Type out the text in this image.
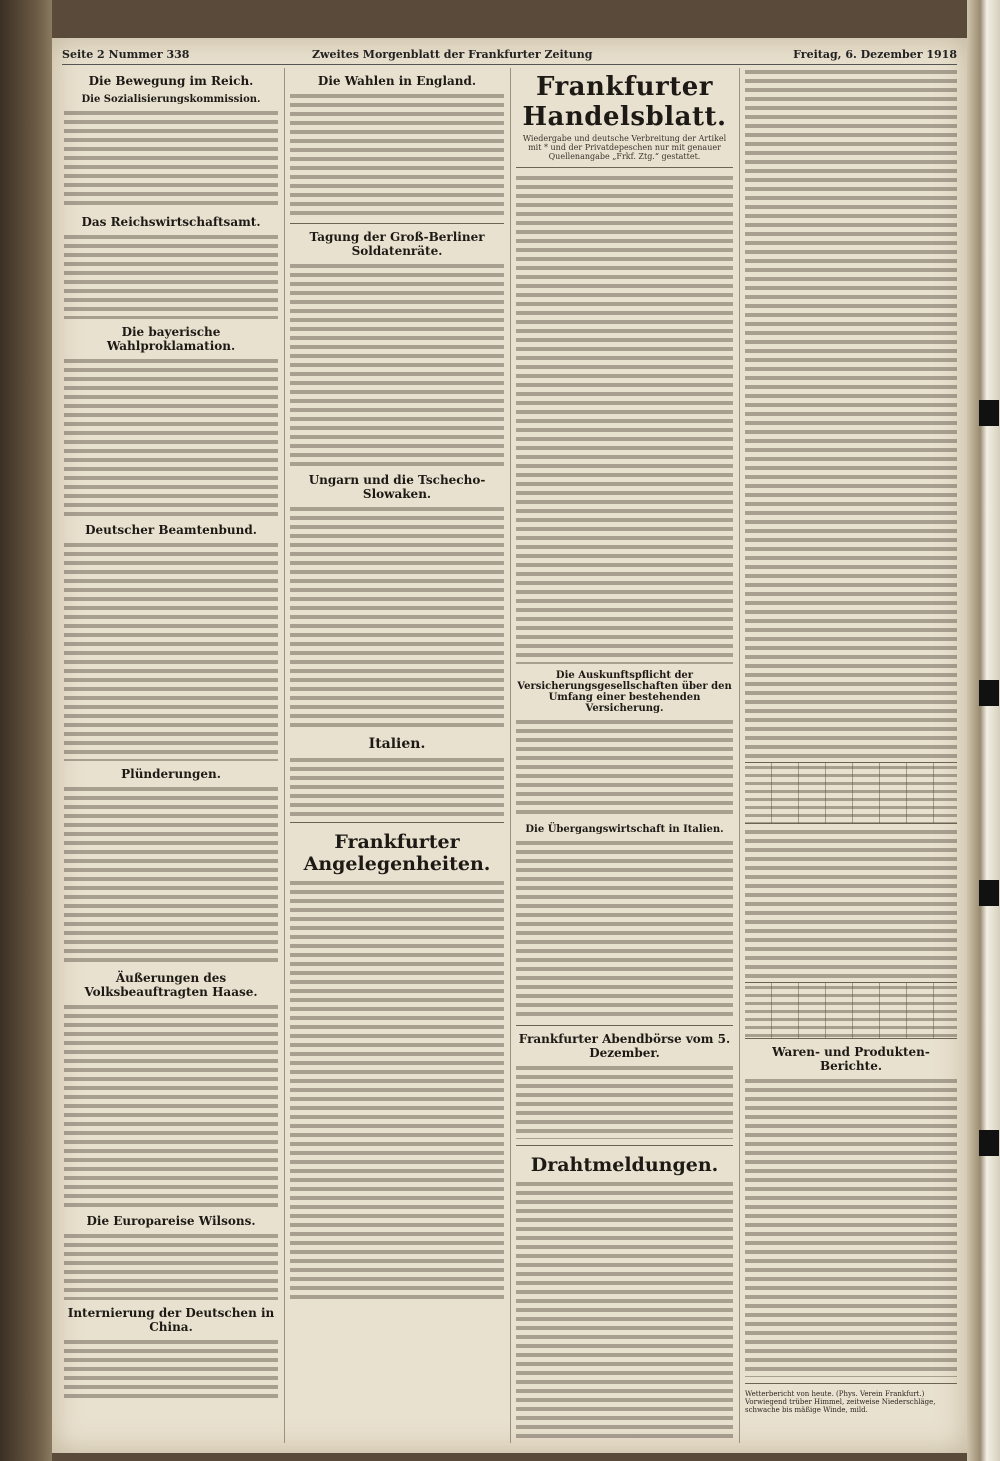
Seite 2 Nummer 338	Zweites Morgenblatt der Frankfurter Zeitung	Freitag, 6. Dezember 1918
Die Bewegung im Reich.
Die Sozialisierungskommission.
Das Reichswirtschaftsamt.
Die bayerische Wahlproklamation.
Deutscher Beamtenbund.
Plünderungen.
Äußerungen des Volksbeauftragten Haase.
Die Europareise Wilsons.
Internierung der Deutschen in China.
Die Wahlen in England.
Tagung der Groß-Berliner Soldatenräte.
Ungarn und die Tschecho-Slowaken.
Italien.
Frankfurter Angelegenheiten.
Frankfurter Handelsblatt.
Wiedergabe und deutsche Verbreitung der Artikel mit * und der Privatdepeschen nur mit genauer Quellenangabe „Frkf. Ztg.“ gestattet.
Die Auskunftspflicht der Versicherungsgesellschaften über den Umfang einer bestehenden Versicherung.
Die Übergangswirtschaft in Italien.
Frankfurter Abendbörse vom 5. Dezember.
Drahtmeldungen.
Waren- und Produkten-Berichte.
Wetterbericht von heute. (Phys. Verein Frankfurt.) Vorwiegend trüber Himmel, zeitweise Niederschläge, schwache bis mäßige Winde, mild.
